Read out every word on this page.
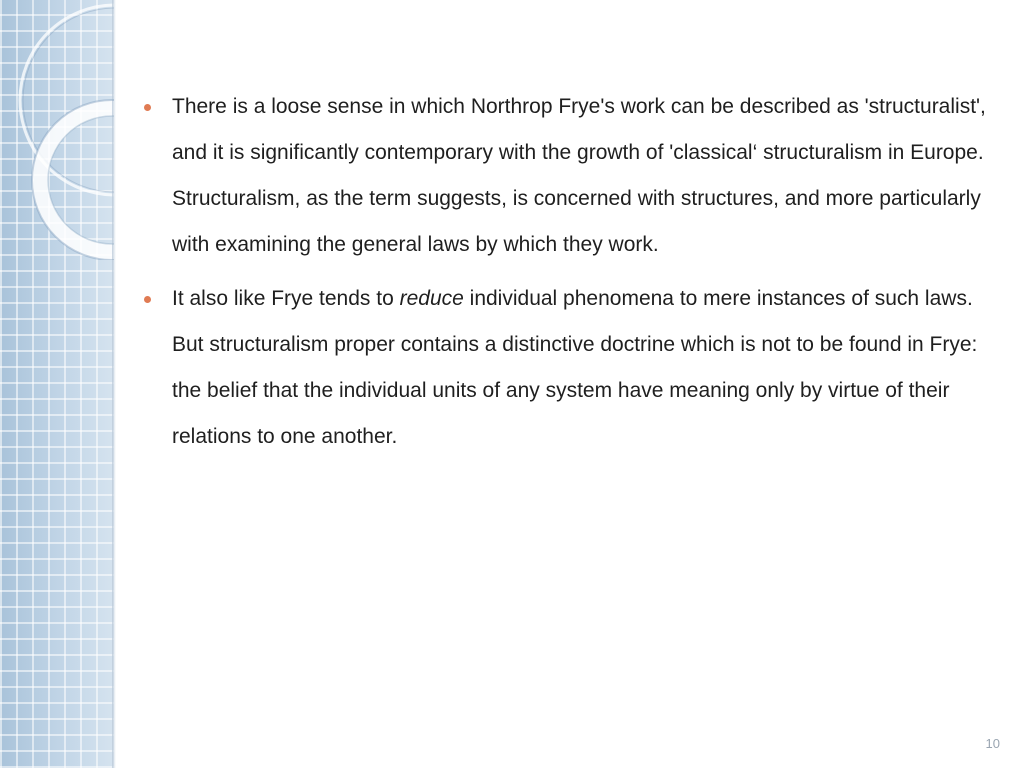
There is a loose sense in which Northrop Frye's work can be described as 'structuralist', and it is significantly contemporary with the growth of 'classical‘ structuralism in Europe. Structuralism, as the term suggests, is concerned with structures, and more particularly with examining the general laws by which they work.
It also like Frye tends to reduce individual phenomena to mere instances of such laws. But structuralism proper contains a distinctive doctrine which is not to be found in Frye: the belief that the individual units of any system have meaning only by virtue of their relations to one another.
10
